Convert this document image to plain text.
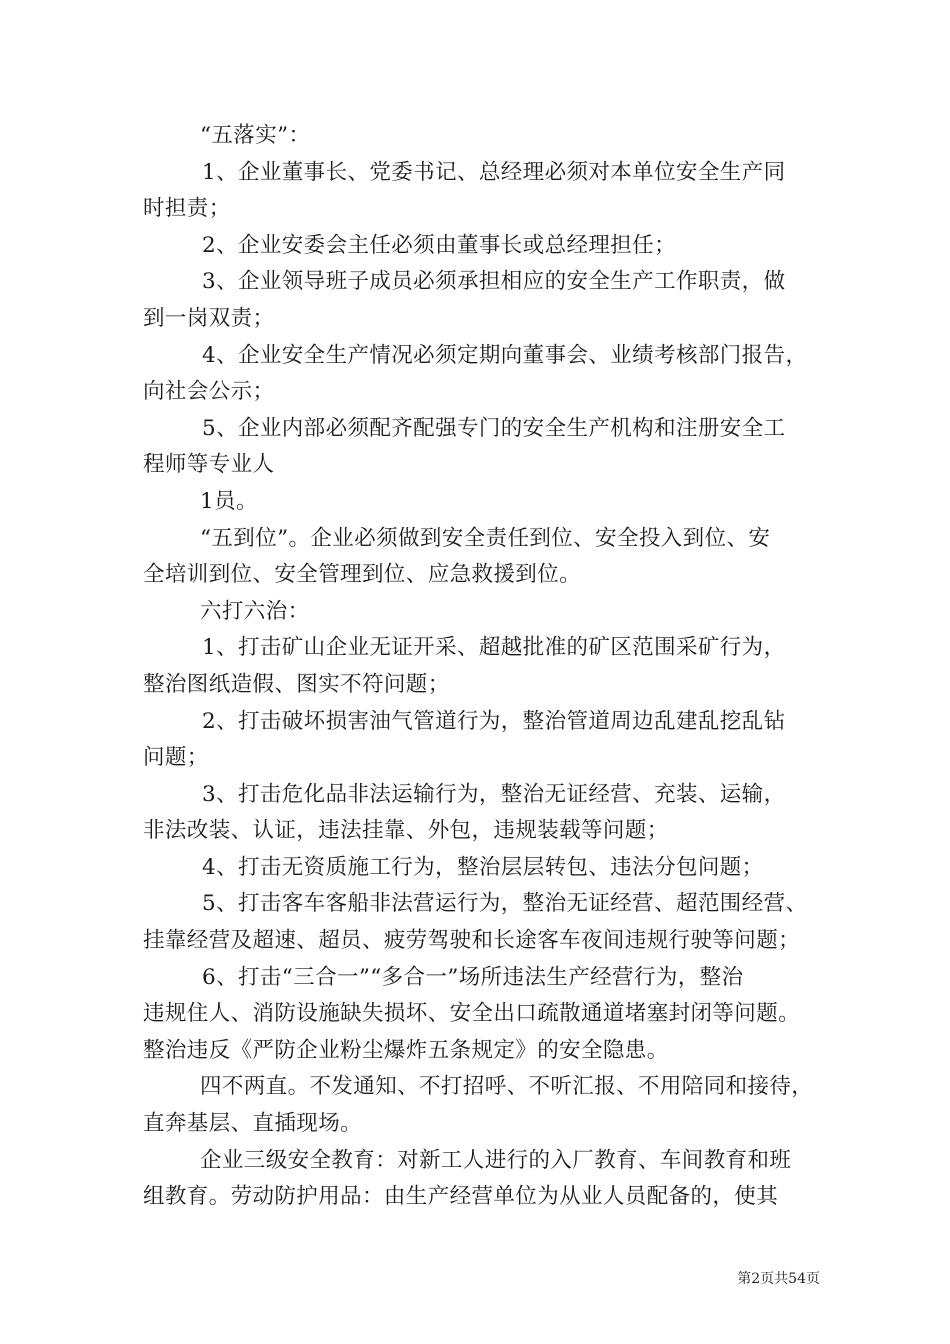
“五落实”：
1、企业董事长、党委书记、总经理必须对本单位安全生产同
时担责；
2、企业安委会主任必须由董事长或总经理担任；
3、企业领导班子成员必须承担相应的安全生产工作职责，做
到一岗双责；
4、企业安全生产情况必须定期向董事会、业绩考核部门报告，
向社会公示；
5、企业内部必须配齐配强专门的安全生产机构和注册安全工
程师等专业人
1员。
“五到位”。企业必须做到安全责任到位、安全投入到位、安
全培训到位、安全管理到位、应急救援到位。
六打六治：
1、打击矿山企业无证开采、超越批准的矿区范围采矿行为，
整治图纸造假、图实不符问题；
2、打击破坏损害油气管道行为，整治管道周边乱建乱挖乱钻
问题；
3、打击危化品非法运输行为，整治无证经营、充装、运输，
非法改装、认证，违法挂靠、外包，违规装载等问题；
4、打击无资质施工行为，整治层层转包、违法分包问题；
5、打击客车客船非法营运行为，整治无证经营、超范围经营、
挂靠经营及超速、超员、疲劳驾驶和长途客车夜间违规行驶等问题；
6、打击“三合一”“多合一”场所违法生产经营行为，整治
违规住人、消防设施缺失损坏、安全出口疏散通道堵塞封闭等问题。
整治违反《严防企业粉尘爆炸五条规定》的安全隐患。
四不两直。不发通知、不打招呼、不听汇报、不用陪同和接待，
直奔基层、直插现场。
企业三级安全教育：对新工人进行的入厂教育、车间教育和班
组教育。劳动防护用品：由生产经营单位为从业人员配备的，使其
第2页共54页
